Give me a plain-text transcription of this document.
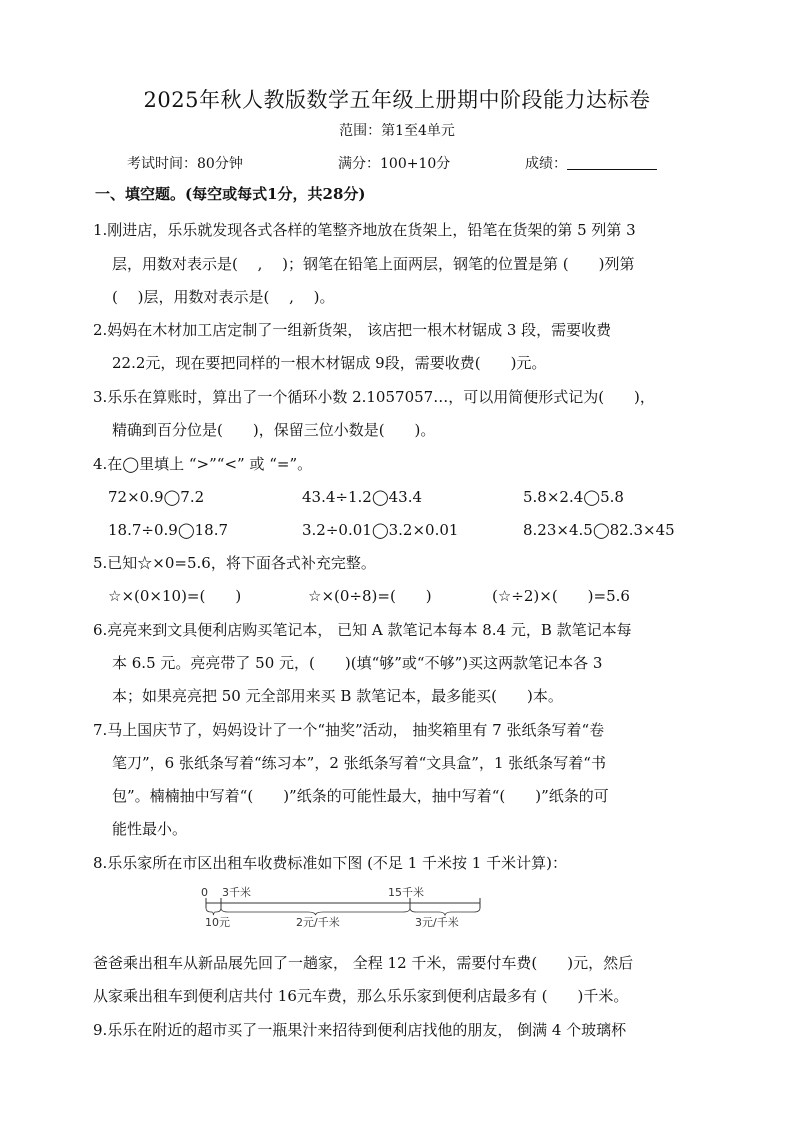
2025年秋人教版数学五年级上册期中阶段能力达标卷
范围：第1至4单元
考试时间：80分钟	满分：100+10分	成绩：
一、填空题。(每空或每式1分，共28分)
1.刚进店，乐乐就发现各式各样的笔整齐地放在货架上，铅笔在货架的第 5 列第 3
层，用数对表示是(　 ,　 )；钢笔在铅笔上面两层，钢笔的位置是第 (　　)列第
(　 )层，用数对表示是(　 ,　 )。
2.妈妈在木材加工店定制了一组新货架， 该店把一根木材锯成 3 段，需要收费
22.2元，现在要把同样的一根木材锯成 9段，需要收费(　　)元。
3.乐乐在算账时，算出了一个循环小数 2.1057057…，可以用简便形式记为(　　)，
精确到百分位是(　　)，保留三位小数是(　　)。
4.在◯里填上 “>”“<” 或 “=”。
72×0.9◯7.2	43.4÷1.2◯43.4	5.8×2.4◯5.8
18.7÷0.9◯18.7	3.2÷0.01◯3.2×0.01	8.23×4.5◯82.3×45
5.已知☆×0=5.6，将下面各式补充完整。
☆×(0×10)=(　　)	☆×(0÷8)=(　　)	(☆÷2)×(　　)=5.6
6.亮亮来到文具便利店购买笔记本， 已知 A 款笔记本每本 8.4 元，B 款笔记本每
本 6.5 元。亮亮带了 50 元，(　　)(填“够”或“不够”)买这两款笔记本各 3
本；如果亮亮把 50 元全部用来买 B 款笔记本，最多能买(　　)本。
7.马上国庆节了，妈妈设计了一个“抽奖”活动， 抽奖箱里有 7 张纸条写着“卷
笔刀”，6 张纸条写着“练习本”，2 张纸条写着“文具盒”，1 张纸条写着“书
包”。楠楠抽中写着“(　　)”纸条的可能性最大，抽中写着“(　　)”纸条的可
能性最小。
8.乐乐家所在市区出租车收费标准如下图 (不足 1 千米按 1 千米计算)：
0 3千米	15千米
10元	2元/千米	3元/千米
爸爸乘出租车从新品展先回了一趟家， 全程 12 千米，需要付车费(　　)元，然后
从家乘出租车到便利店共付 16元车费，那么乐乐家到便利店最多有 (　　)千米。
9.乐乐在附近的超市买了一瓶果汁来招待到便利店找他的朋友， 倒满 4 个玻璃杯
